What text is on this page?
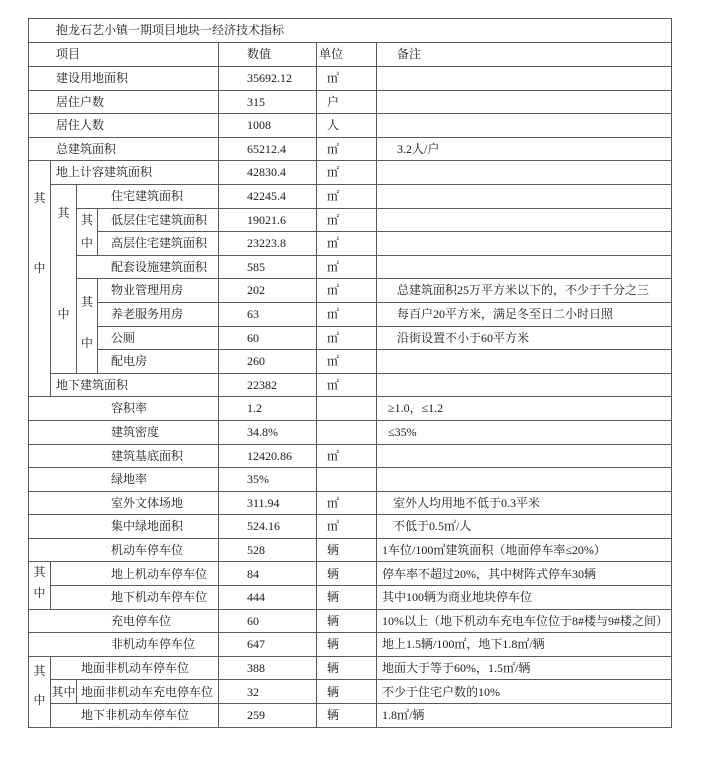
抱龙石艺小镇一期项目地块一经济技术指标						
项目				数值	单位	备注
建设用地面积				35692.12	㎡	
居住户数				315	户	
居住人数				1008	人	
总建筑面积				65212.4	㎡	3.2人/户

其中	地上计容建筑面积			42830.4	㎡	

	其中	住宅建筑面积		42245.4	㎡	

		其中	低层住宅建筑面积	19021.6	㎡	
			高层住宅建筑面积	23223.8	㎡	
		配套设施建筑面积		585	㎡	

		其中	物业管理用房	202	㎡	总建筑面积25万平方米以下的，不少于千分之三
			养老服务用房	63	㎡	每百户20平方米，满足冬至日二小时日照
			公厕	60	㎡	沿街设置不小于60平方米
			配电房	260	㎡	
	地下建筑面积			22382	㎡	
容积率				1.2		≥1.0，≤1.2
建筑密度				34.8%		≤35%
建筑基底面积				12420.86	㎡	
绿地率				35%		
室外文体场地				311.94	㎡	室外人均用地不低于0.3平米
集中绿地面积				524.16	㎡	不低于0.5㎡/人
机动车停车位				528	辆	1车位/100㎡建筑面积（地面停车率≤20%）

其中	地上机动车停车位			84	辆	停车率不超过20%，其中树阵式停车30辆
	地下机动车停车位			444	辆	其中100辆为商业地块停车位
充电停车位				60	辆	10%以上（地下机动车充电车位位于8#楼与9#楼之间）
非机动车停车位				647	辆	地上1.5辆/100㎡，地下1.8㎡/辆

其中	地面非机动车停车位			388	辆	地面大于等于60%，1.5㎡/辆
	其中	地面非机动车充电停车位		32	辆	不少于住宅户数的10%
	地下非机动车停车位			259	辆	1.8㎡/辆
